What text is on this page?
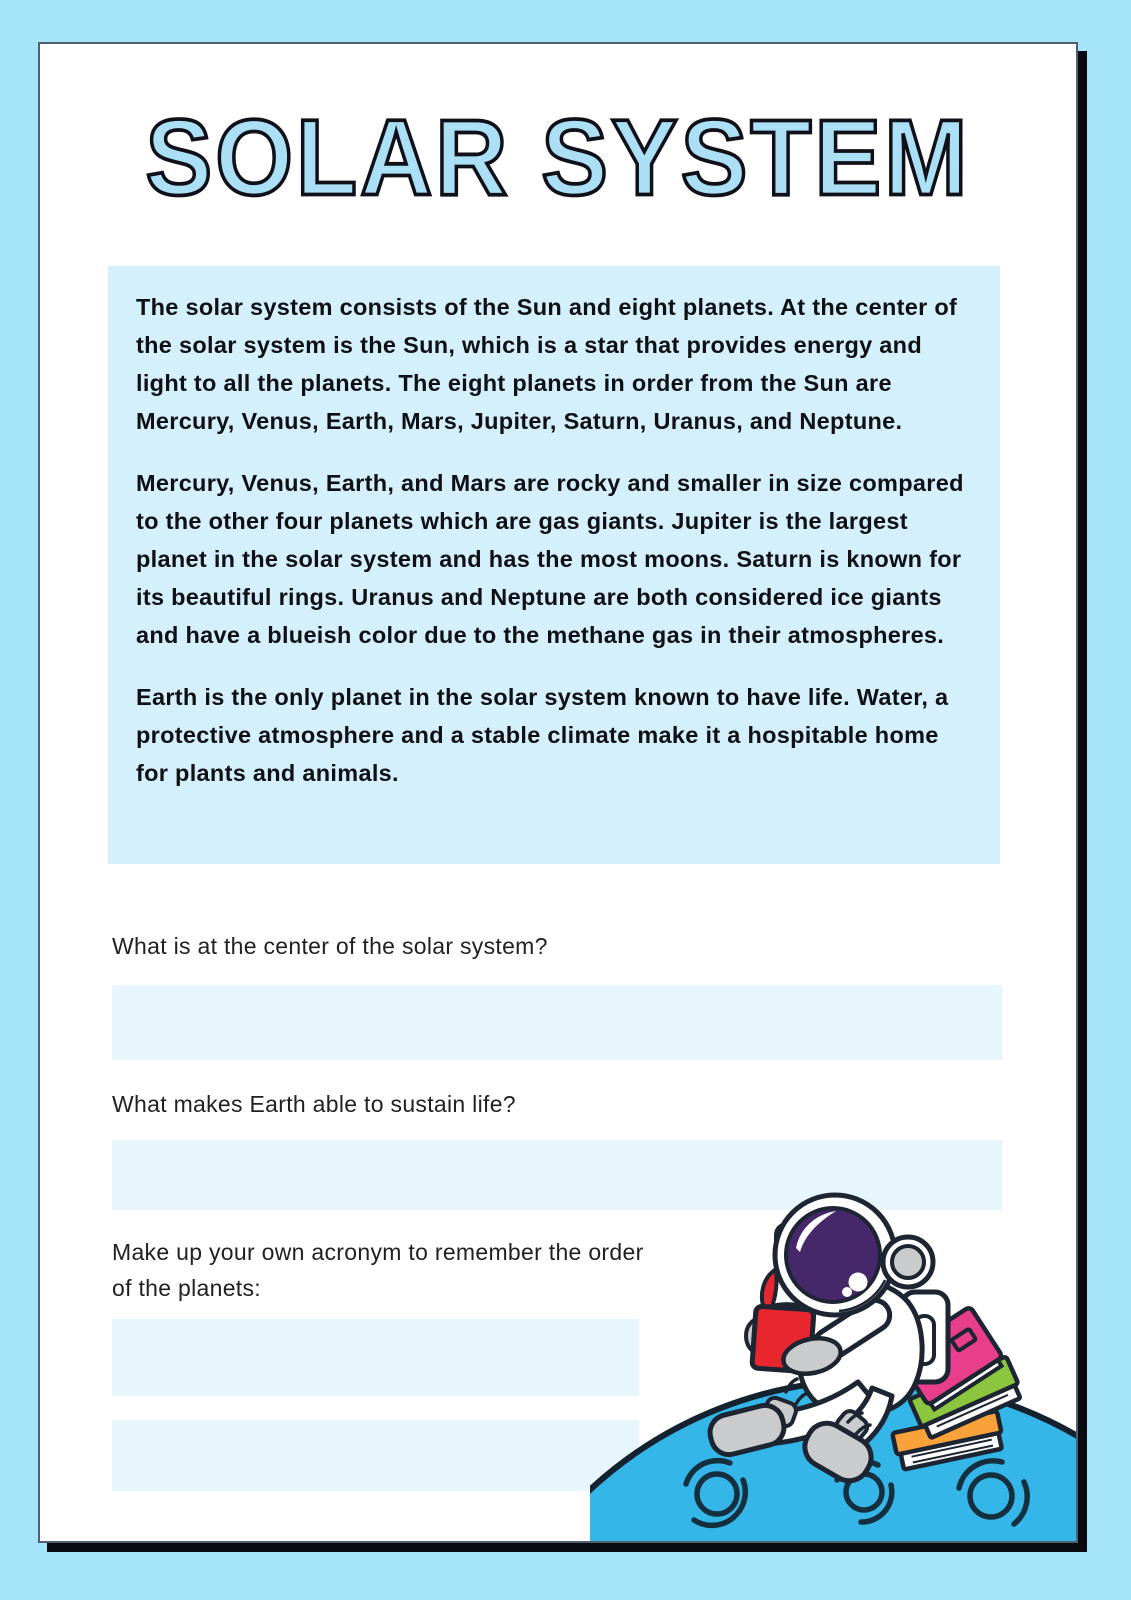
SOLAR SYSTEM

The solar system consists of the Sun and eight planets. At the center of the solar system is the Sun, which is a star that provides energy and light to all the planets. The eight planets in order from the Sun are Mercury, Venus, Earth, Mars, Jupiter, Saturn, Uranus, and Neptune.

Mercury, Venus, Earth, and Mars are rocky and smaller in size compared to the other four planets which are gas giants. Jupiter is the largest planet in the solar system and has the most moons. Saturn is known for its beautiful rings. Uranus and Neptune are both considered ice giants and have a blueish color due to the methane gas in their atmospheres.

Earth is the only planet in the solar system known to have life. Water, a protective atmosphere and a stable climate make it a hospitable home for plants and animals.

What is at the center of the solar system?
What makes Earth able to sustain life?
Make up your own acronym to remember the order of the planets:
